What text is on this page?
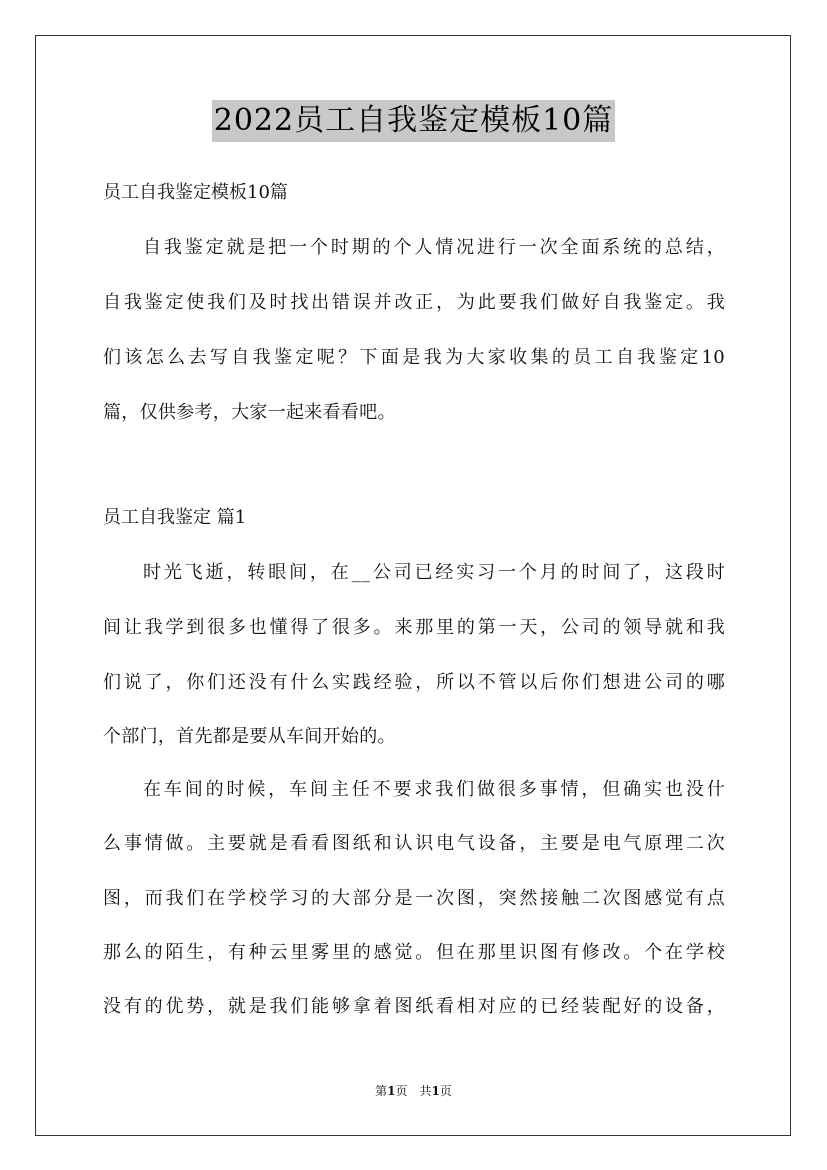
2022员工自我鉴定模板10篇
员工自我鉴定模板10篇
自我鉴定就是把一个时期的个人情况进行一次全面系统的总结，
自我鉴定使我们及时找出错误并改正，为此要我们做好自我鉴定。我
们该怎么去写自我鉴定呢？下面是我为大家收集的员工自我鉴定10
篇，仅供参考，大家一起来看看吧。
员工自我鉴定 篇1
时光飞逝，转眼间，在__公司已经实习一个月的时间了，这段时
间让我学到很多也懂得了很多。来那里的第一天，公司的领导就和我
们说了，你们还没有什么实践经验，所以不管以后你们想进公司的哪
个部门，首先都是要从车间开始的。
在车间的时候，车间主任不要求我们做很多事情，但确实也没什
么事情做。主要就是看看图纸和认识电气设备，主要是电气原理二次
图，而我们在学校学习的大部分是一次图，突然接触二次图感觉有点
那么的陌生，有种云里雾里的感觉。但在那里识图有修改。个在学校
没有的优势，就是我们能够拿着图纸看相对应的已经装配好的设备，
第1页　共1页
